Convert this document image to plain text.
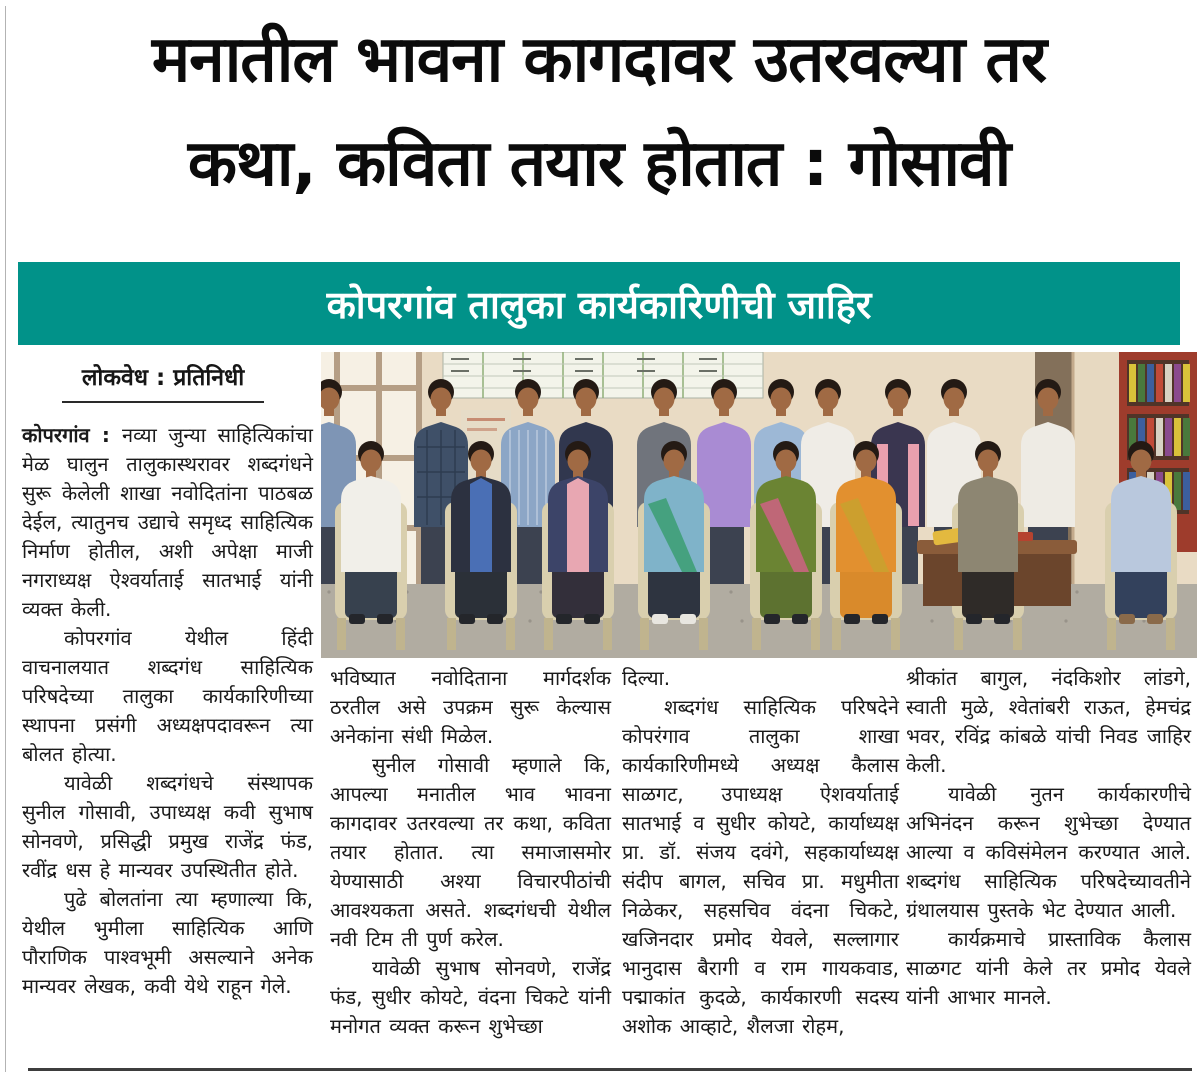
मनातील भावना कागदावर उतरवल्या तर
कथा, कविता तयार होतात : गोसावी
कोपरगांव तालुका कार्यकारिणीची जाहिर
लोकवेध : प्रतिनिधी

कोपरगांव : नव्या जुन्या साहित्यिकांचा मेळ घालुन तालुकास्थरावर शब्दगंधने सुरू केलेली शाखा नवोदितांना पाठबळ देईल, त्यातुनच उद्याचे समृध्द साहित्यिक निर्माण होतील, अशी अपेक्षा माजी नगराध्यक्ष ऐश्वर्याताई सातभाई यांनी व्यक्त केली.

कोपरगांव येथील हिंदी वाचनालयात शब्दगंध साहित्यिक परिषदेच्या तालुका कार्यकारिणीच्या स्थापना प्रसंगी अध्यक्षपदावरून त्या बोलत होत्या.

यावेळी शब्दगंधचे संस्थापक सुनील गोसावी, उपाध्यक्ष कवी सुभाष सोनवणे, प्रसिद्धी प्रमुख राजेंद्र फंड, रवींद्र धस हे मान्यवर उपस्थितीत होते.

पुढे बोलतांना त्या म्हणाल्या कि, येथील भुमीला साहित्यिक आणि पौराणिक पाश्वभूमी असल्याने अनेक मान्यवर लेखक, कवी येथे राहून गेले.

भविष्यात नवोदिताना मार्गदर्शक ठरतील असे उपक्रम सुरू केल्यास अनेकांना संधी मिळेल.

सुनील गोसावी म्हणाले कि, आपल्या मनातील भाव भावना कागदावर उतरवल्या तर कथा, कविता तयार होतात. त्या समाजासमोर येण्यासाठी अश्या विचारपीठांची आवश्यकता असते. शब्दगंधची येथील नवी टिम ती पुर्ण करेल.

यावेळी सुभाष सोनवणे, राजेंद्र फंड, सुधीर कोयटे, वंदना चिकटे यांनी मनोगत व्यक्त करून शुभेच्छा

दिल्या.

शब्दगंध साहित्यिक परिषदेने कोपरंगाव तालुका शाखा कार्यकारिणीमध्ये अध्यक्ष कैलास साळगट, उपाध्यक्ष ऐशवर्याताई सातभाई व सुधीर कोयटे, कार्याध्यक्ष प्रा. डॉ. संजय दवंगे, सहकार्याध्यक्ष संदीप बागल, सचिव प्रा. मधुमीता निळेकर, सहसचिव वंदना चिकटे, खजिनदार प्रमोद येवले, सल्लागार भानुदास बैरागी व राम गायकवाड, पद्माकांत कुदळे, कार्यकारणी सदस्य अशोक आव्हाटे, शैलजा रोहम,

श्रीकांत बागुल, नंदकिशोर लांडगे, स्वाती मुळे, श्वेतांबरी राऊत, हेमचंद्र भवर, रविंद्र कांबळे यांची निवड जाहिर केली.

यावेळी नुतन कार्यकारणीचे अभिनंदन करून शुभेच्छा देण्यात आल्या व कविसंमेलन करण्यात आले. शब्दगंध साहित्यिक परिषदेच्यावतीने ग्रंथालयास पुस्तके भेट देण्यात आली.

कार्यक्रमाचे प्रास्ताविक कैलास साळगट यांनी केले तर प्रमोद येवले यांनी आभार मानले.
